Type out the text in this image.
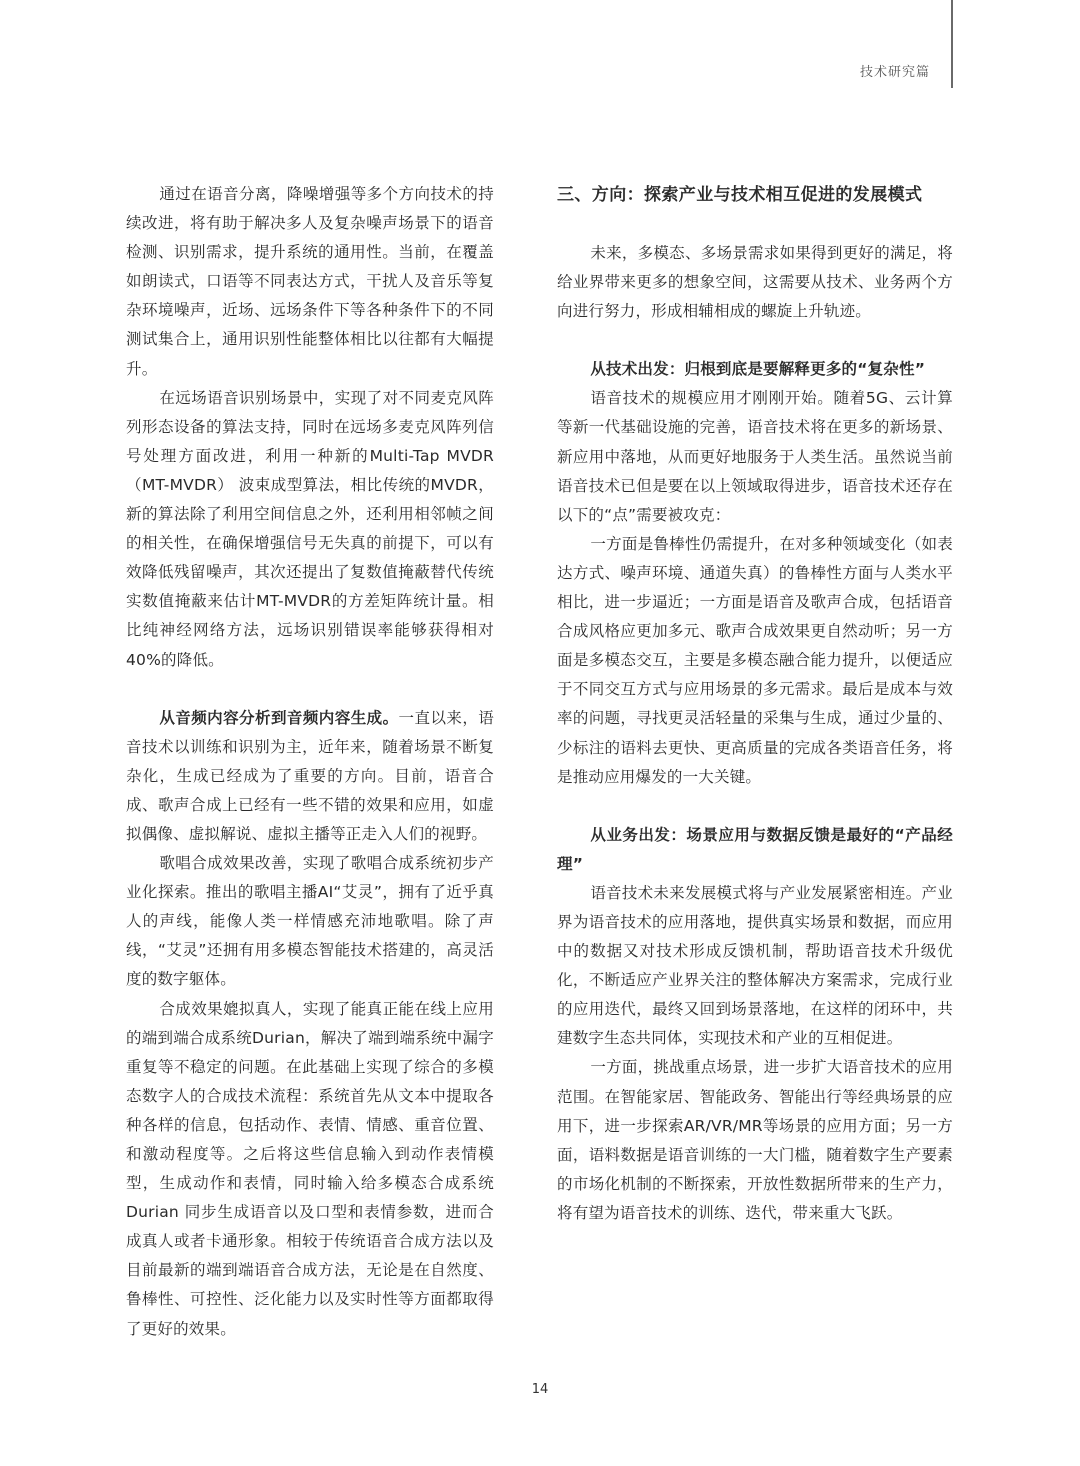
技术研究篇

通过在语音分离，降噪增强等多个方向技术的持续改进，将有助于解决多人及复杂噪声场景下的语音检测、识别需求，提升系统的通用性。当前，在覆盖如朗读式，口语等不同表达方式，干扰人及音乐等复杂环境噪声，近场、远场条件下等各种条件下的不同测试集合上，通用识别性能整体相比以往都有大幅提升。

在远场语音识别场景中，实现了对不同麦克风阵列形态设备的算法支持，同时在远场多麦克风阵列信号处理方面改进，利用一种新的Multi-Tap MVDR（MT-MVDR） 波束成型算法，相比传统的MVDR，新的算法除了利用空间信息之外，还利用相邻帧之间的相关性，在确保增强信号无失真的前提下，可以有效降低残留噪声，其次还提出了复数值掩蔽替代传统实数值掩蔽来估计MT-MVDR的方差矩阵统计量。相比纯神经网络方法，远场识别错误率能够获得相对40%的降低。

从音频内容分析到音频内容生成。一直以来，语音技术以训练和识别为主，近年来，随着场景不断复杂化，生成已经成为了重要的方向。目前，语音合成、歌声合成上已经有一些不错的效果和应用，如虚拟偶像、虚拟解说、虚拟主播等正走入人们的视野。

歌唱合成效果改善，实现了歌唱合成系统初步产业化探索。推出的歌唱主播AI“艾灵”，拥有了近乎真人的声线，能像人类一样情感充沛地歌唱。除了声线，“艾灵”还拥有用多模态智能技术搭建的，高灵活度的数字躯体。

合成效果媲拟真人，实现了能真正能在线上应用的端到端合成系统Durian，解决了端到端系统中漏字重复等不稳定的问题。在此基础上实现了综合的多模态数字人的合成技术流程：系统首先从文本中提取各种各样的信息，包括动作、表情、情感、重音位置、和激动程度等。之后将这些信息输入到动作表情模型，生成动作和表情，同时输入给多模态合成系统 Durian 同步生成语音以及口型和表情参数，进而合成真人或者卡通形象。相较于传统语音合成方法以及目前最新的端到端语音合成方法，无论是在自然度、鲁棒性、可控性、泛化能力以及实时性等方面都取得了更好的效果。

三、方向：探索产业与技术相互促进的发展模式

未来，多模态、多场景需求如果得到更好的满足，将给业界带来更多的想象空间，这需要从技术、业务两个方向进行努力，形成相辅相成的螺旋上升轨迹。

从技术出发：归根到底是要解释更多的“复杂性”

语音技术的规模应用才刚刚开始。随着5G、云计算等新一代基础设施的完善，语音技术将在更多的新场景、新应用中落地，从而更好地服务于人类生活。虽然说当前语音技术已但是要在以上领域取得进步，语音技术还存在以下的“点”需要被攻克：

一方面是鲁棒性仍需提升，在对多种领域变化（如表达方式、噪声环境、通道失真）的鲁棒性方面与人类水平相比，进一步逼近；一方面是语音及歌声合成，包括语音合成风格应更加多元、歌声合成效果更自然动听；另一方面是多模态交互，主要是多模态融合能力提升，以便适应于不同交互方式与应用场景的多元需求。最后是成本与效率的问题，寻找更灵活轻量的采集与生成，通过少量的、少标注的语料去更快、更高质量的完成各类语音任务，将是推动应用爆发的一大关键。

从业务出发：场景应用与数据反馈是最好的“产品经理”

语音技术未来发展模式将与产业发展紧密相连。产业界为语音技术的应用落地，提供真实场景和数据，而应用中的数据又对技术形成反馈机制，帮助语音技术升级优化，不断适应产业界关注的整体解决方案需求，完成行业的应用迭代，最终又回到场景落地，在这样的闭环中，共建数字生态共同体，实现技术和产业的互相促进。

一方面，挑战重点场景，进一步扩大语音技术的应用范围。在智能家居、智能政务、智能出行等经典场景的应用下，进一步探索AR/VR/MR等场景的应用方面；另一方面，语料数据是语音训练的一大门槛，随着数字生产要素的市场化机制的不断探索，开放性数据所带来的生产力，将有望为语音技术的训练、迭代，带来重大飞跃。

14
